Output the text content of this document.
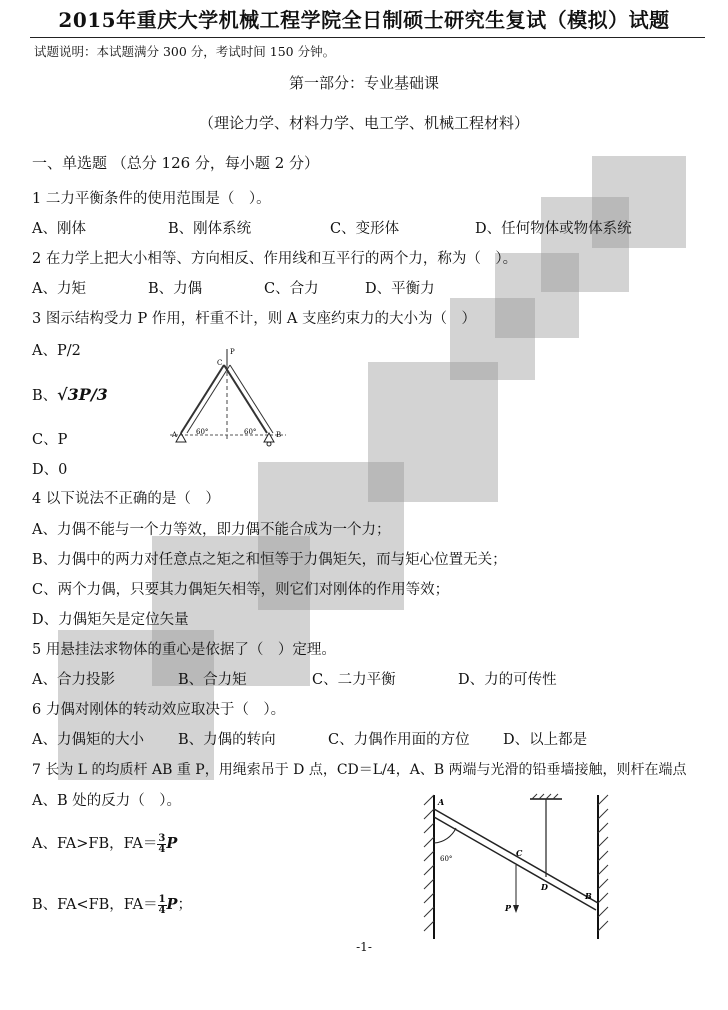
2015年重庆大学机械工程学院全日制硕士研究生复试（模拟）试题
试题说明：本试题满分 300 分，考试时间 150 分钟。
第一部分：专业基础课
（理论力学、材料力学、电工学、机械工程材料）
一、单选题 （总分 126 分，每小题 2 分）
1 二力平衡条件的使用范围是（　）。
A、刚体	B、刚体系统	C、变形体	D、任何物体或物体系统
2 在力学上把大小相等、方向相反、作用线和互平行的两个力，称为（　）。
A、力矩	B、力偶	C、合力	D、平衡力
3 图示结构受力 P 作用，杆重不计，则 A 支座约束力的大小为（　）
A、P/2
B、√3P/3
C、P
D、0
C
P
A	B
60°	60°
4 以下说法不正确的是（　）
A、力偶不能与一个力等效，即力偶不能合成为一个力；
B、力偶中的两力对任意点之矩之和恒等于力偶矩矢，而与矩心位置无关；
C、两个力偶，只要其力偶矩矢相等，则它们对刚体的作用等效；
D、力偶矩矢是定位矢量
5 用悬挂法求物体的重心是依据了（　）定理。
A、合力投影	B、合力矩	C、二力平衡	D、力的可传性
6 力偶对刚体的转动效应取决于（　）。
A、力偶矩的大小 B、力偶的转向	C、力偶作用面的方位 D、以上都是
7 长为 L 的均质杆 AB 重 P，用绳索吊于 D 点，CD＝L/4，A、B 两端与光滑的铅垂墙接触，则杆在端点
A、B 处的反力（　）。
A、FA>FB，$FA= \frac{3}{4}$ P
B、FA<FB，$FA= \frac{1}{4}$ P；
A
B
C
D
P
60°
-1-
